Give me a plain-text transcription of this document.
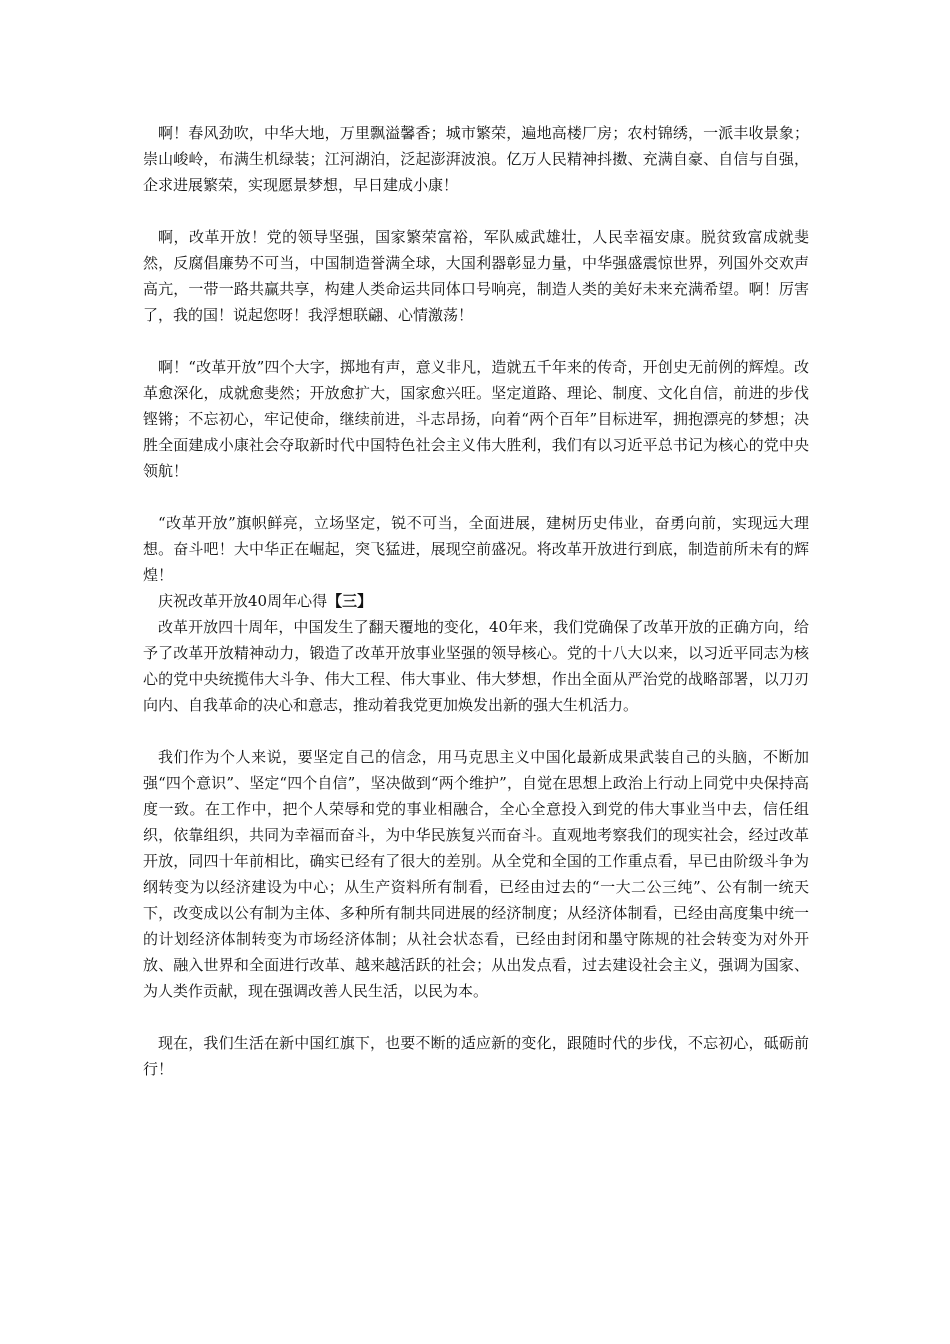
啊！春风劲吹，中华大地，万里飘溢馨香；城市繁荣，遍地高楼厂房；农村锦绣，一派丰收景象；崇山峻岭，布满生机绿装；江河湖泊，泛起澎湃波浪。亿万人民精神抖擞、充满自豪、自信与自强，企求进展繁荣，实现愿景梦想，早日建成小康！

啊，改革开放！党的领导坚强，国家繁荣富裕，军队威武雄壮，人民幸福安康。脱贫致富成就斐然，反腐倡廉势不可当，中国制造誉满全球，大国利器彰显力量，中华强盛震惊世界，列国外交欢声高亢，一带一路共赢共享，构建人类命运共同体口号响亮，制造人类的美好未来充满希望。啊！厉害了，我的国！说起您呀！我浮想联翩、心情激荡！

啊！“改革开放”四个大字，掷地有声，意义非凡，造就五千年来的传奇，开创史无前例的辉煌。改革愈深化，成就愈斐然；开放愈扩大，国家愈兴旺。坚定道路、理论、制度、文化自信，前进的步伐铿锵；不忘初心，牢记使命，继续前进，斗志昂扬，向着“两个百年”目标进军，拥抱漂亮的梦想；决胜全面建成小康社会夺取新时代中国特色社会主义伟大胜利，我们有以习近平总书记为核心的党中央领航！

“改革开放”旗帜鲜亮，立场坚定，锐不可当，全面进展，建树历史伟业，奋勇向前，实现远大理想。奋斗吧！大中华正在崛起，突飞猛进，展现空前盛况。将改革开放进行到底，制造前所未有的辉煌！

庆祝改革开放40周年心得【三】

改革开放四十周年，中国发生了翻天覆地的变化，40年来，我们党确保了改革开放的正确方向，给予了改革开放精神动力，锻造了改革开放事业坚强的领导核心。党的十八大以来，以习近平同志为核心的党中央统揽伟大斗争、伟大工程、伟大事业、伟大梦想，作出全面从严治党的战略部署，以刀刃向内、自我革命的决心和意志，推动着我党更加焕发出新的强大生机活力。

我们作为个人来说，要坚定自己的信念，用马克思主义中国化最新成果武装自己的头脑，不断加强“四个意识”、坚定“四个自信”，坚决做到“两个维护”，自觉在思想上政治上行动上同党中央保持高度一致。在工作中，把个人荣辱和党的事业相融合，全心全意投入到党的伟大事业当中去，信任组织，依靠组织，共同为幸福而奋斗，为中华民族复兴而奋斗。直观地考察我们的现实社会，经过改革开放，同四十年前相比，确实已经有了很大的差别。从全党和全国的工作重点看，早已由阶级斗争为纲转变为以经济建设为中心；从生产资料所有制看，已经由过去的“一大二公三纯”、公有制一统天下，改变成以公有制为主体、多种所有制共同进展的经济制度；从经济体制看，已经由高度集中统一的计划经济体制转变为市场经济体制；从社会状态看，已经由封闭和墨守陈规的社会转变为对外开放、融入世界和全面进行改革、越来越活跃的社会；从出发点看，过去建设社会主义，强调为国家、为人类作贡献，现在强调改善人民生活，以民为本。

现在，我们生活在新中国红旗下，也要不断的适应新的变化，跟随时代的步伐，不忘初心，砥砺前行！
